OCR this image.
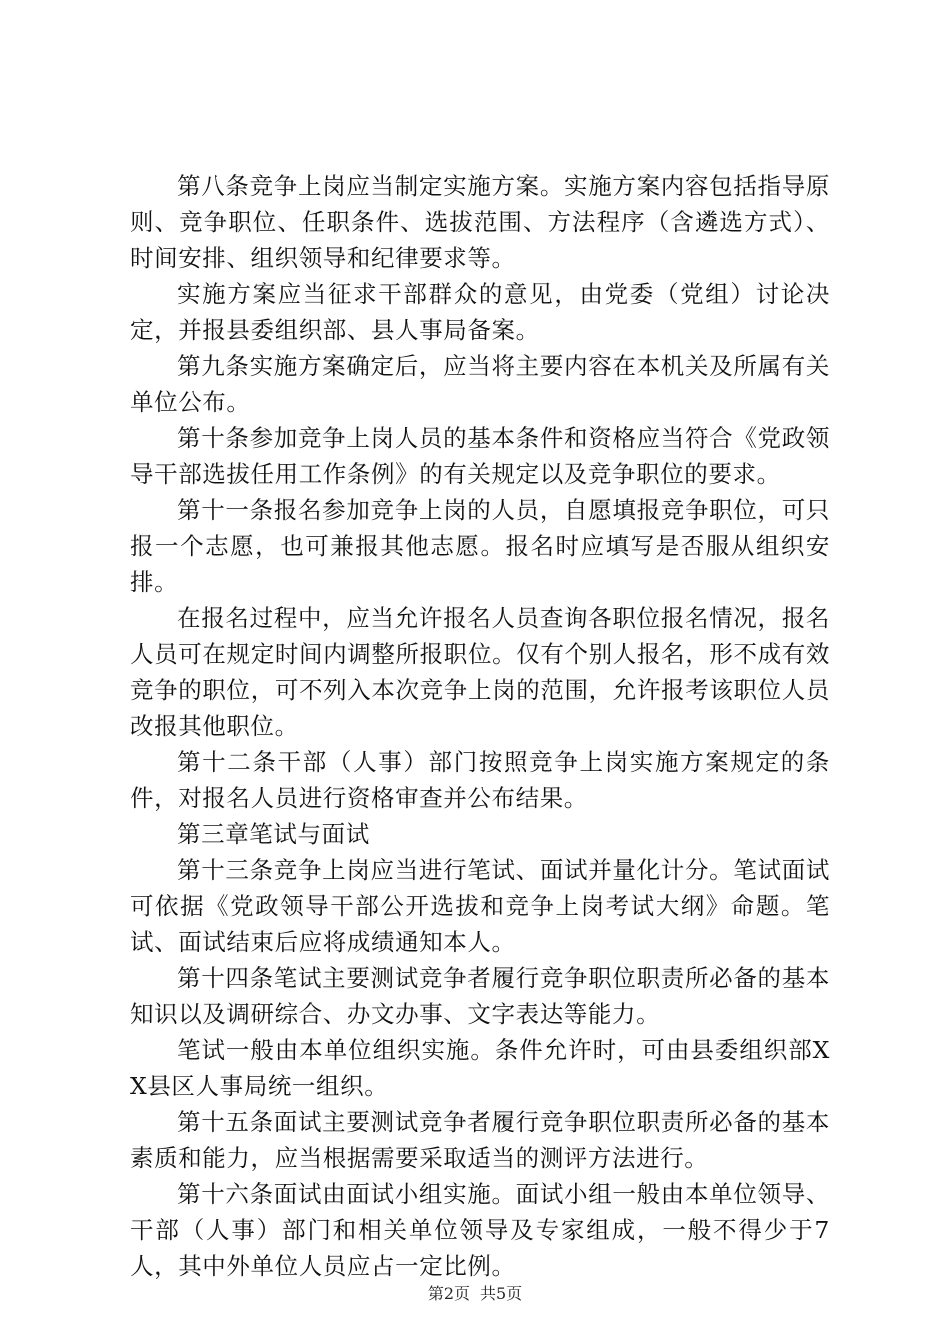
第八条竞争上岗应当制定实施方案。实施方案内容包括指导原则、竞争职位、任职条件、选拔范围、方法程序（含遴选方式）、时间安排、组织领导和纪律要求等。

实施方案应当征求干部群众的意见，由党委（党组）讨论决定，并报县委组织部、县人事局备案。

第九条实施方案确定后，应当将主要内容在本机关及所属有关单位公布。

第十条参加竞争上岗人员的基本条件和资格应当符合《党政领导干部选拔任用工作条例》的有关规定以及竞争职位的要求。

第十一条报名参加竞争上岗的人员，自愿填报竞争职位，可只报一个志愿，也可兼报其他志愿。报名时应填写是否服从组织安排。

在报名过程中，应当允许报名人员查询各职位报名情况，报名人员可在规定时间内调整所报职位。仅有个别人报名，形不成有效竞争的职位，可不列入本次竞争上岗的范围，允许报考该职位人员改报其他职位。

第十二条干部（人事）部门按照竞争上岗实施方案规定的条件，对报名人员进行资格审查并公布结果。

第三章笔试与面试

第十三条竞争上岗应当进行笔试、面试并量化计分。笔试面试可依据《党政领导干部公开选拔和竞争上岗考试大纲》命题。笔试、面试结束后应将成绩通知本人。

第十四条笔试主要测试竞争者履行竞争职位职责所必备的基本知识以及调研综合、办文办事、文字表达等能力。

笔试一般由本单位组织实施。条件允许时，可由县委组织部XX县区人事局统一组织。

第十五条面试主要测试竞争者履行竞争职位职责所必备的基本素质和能力，应当根据需要采取适当的测评方法进行。

第十六条面试由面试小组实施。面试小组一般由本单位领导、干部（人事）部门和相关单位领导及专家组成，一般不得少于7人，其中外单位人员应占一定比例。

第2页 共5页
